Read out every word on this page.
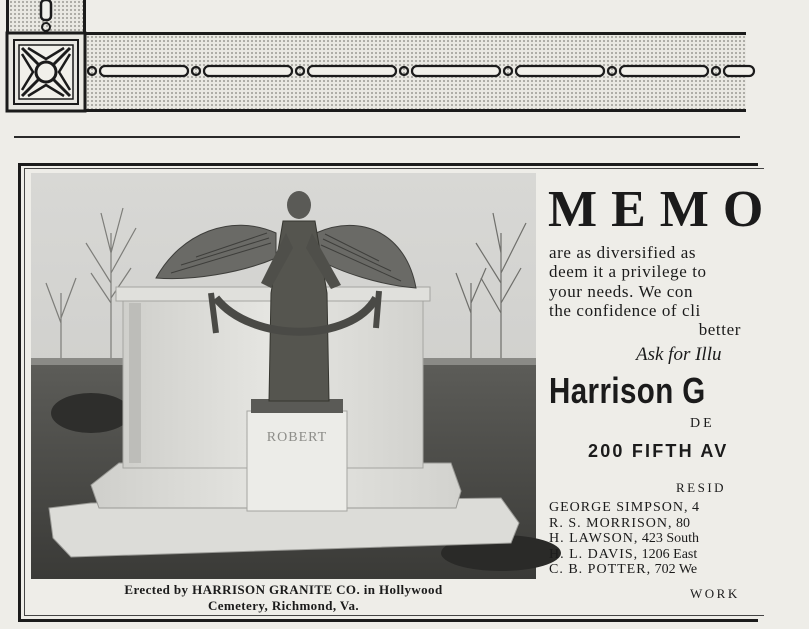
ROBERT
Erected by HARRISON GRANITE CO. in Hollywood
Cemetery, Richmond, Va.
MEMO
are as diversified as
deem it a privilege to
your needs. We con
the confidence of cli
better
Ask for Illu
Harrison G
DE
200 FIFTH AV
RESID
GEORGE SIMPSON, 4
R. S. MORRISON, 80
H. LAWSON, 423 South
H. L. DAVIS, 1206 East
C. B. POTTER, 702 We
WORK
